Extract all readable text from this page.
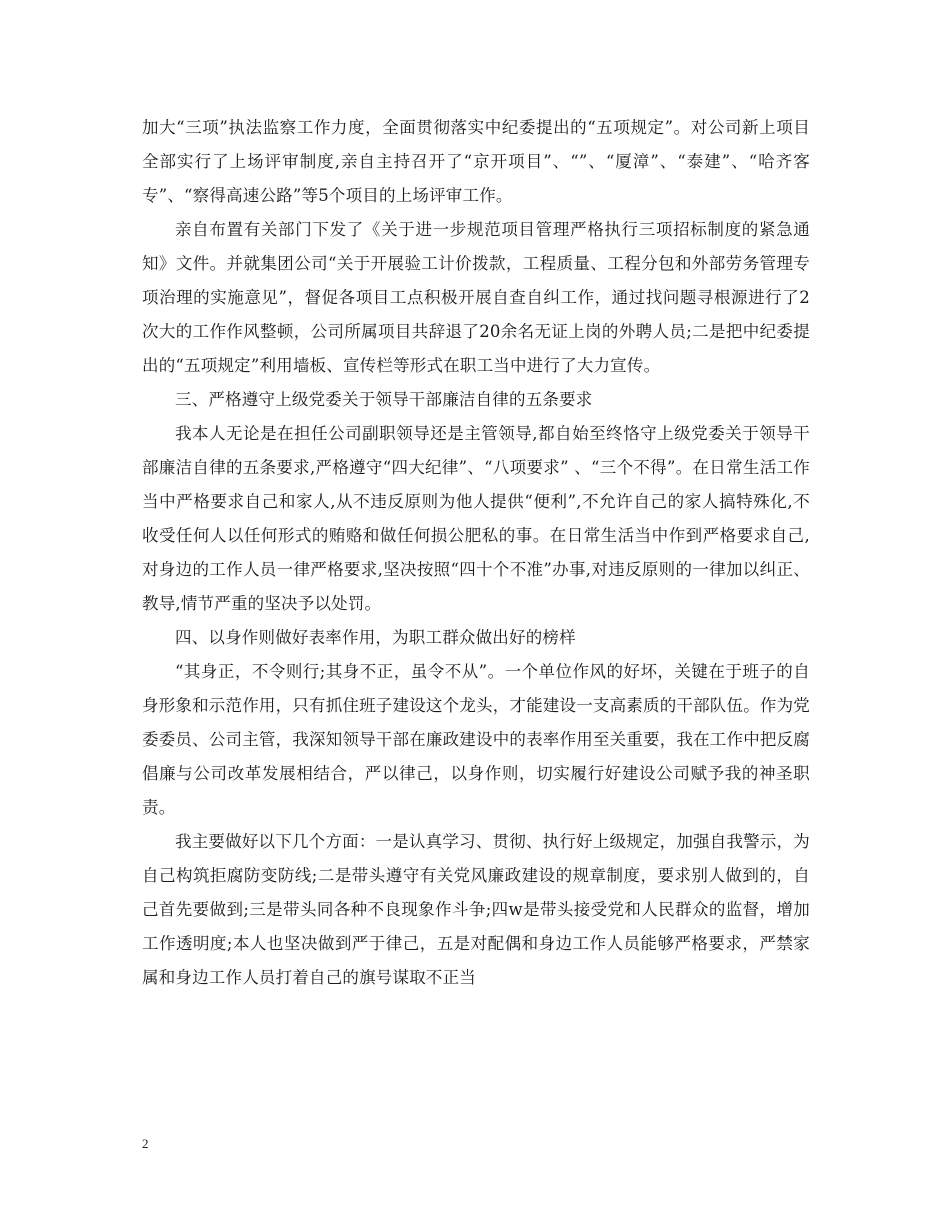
加大“三项”执法监察工作力度，全面贯彻落实中纪委提出的“五项规定”。对公司新上项目全部实行了上场评审制度,亲自主持召开了“京开项目”、“”、“厦漳”、“泰建”、“哈齐客专”、“察得高速公路”等5个项目的上场评审工作。

亲自布置有关部门下发了《关于进一步规范项目管理严格执行三项招标制度的紧急通知》文件。并就集团公司“关于开展验工计价拨款，工程质量、工程分包和外部劳务管理专项治理的实施意见”，督促各项目工点积极开展自查自纠工作，通过找问题寻根源进行了2次大的工作作风整顿，公司所属项目共辞退了20余名无证上岗的外聘人员;二是把中纪委提出的“五项规定”利用墙板、宣传栏等形式在职工当中进行了大力宣传。

三、严格遵守上级党委关于领导干部廉洁自律的五条要求

我本人无论是在担任公司副职领导还是主管领导,都自始至终恪守上级党委关于领导干部廉洁自律的五条要求,严格遵守“四大纪律”、“八项要求” 、“三个不得”。在日常生活工作当中严格要求自己和家人,从不违反原则为他人提供“便利”,不允许自己的家人搞特殊化,不收受任何人以任何形式的贿赂和做任何损公肥私的事。在日常生活当中作到严格要求自己,对身边的工作人员一律严格要求,坚决按照“四十个不准”办事,对违反原则的一律加以纠正、教导,情节严重的坚决予以处罚。

四、以身作则做好表率作用，为职工群众做出好的榜样

“其身正，不令则行;其身不正，虽令不从”。一个单位作风的好坏，关键在于班子的自身形象和示范作用，只有抓住班子建设这个龙头，才能建设一支高素质的干部队伍。作为党委委员、公司主管，我深知领导干部在廉政建设中的表率作用至关重要，我在工作中把反腐倡廉与公司改革发展相结合，严以律己，以身作则，切实履行好建设公司赋予我的神圣职责。

我主要做好以下几个方面：一是认真学习、贯彻、执行好上级规定，加强自我警示，为自己构筑拒腐防变防线;二是带头遵守有关党风廉政建设的规章制度，要求别人做到的，自己首先要做到;三是带头同各种不良现象作斗争;四w是带头接受党和人民群众的监督，增加工作透明度;本人也坚决做到严于律己，五是对配偶和身边工作人员能够严格要求，严禁家属和身边工作人员打着自己的旗号谋取不正当

2
